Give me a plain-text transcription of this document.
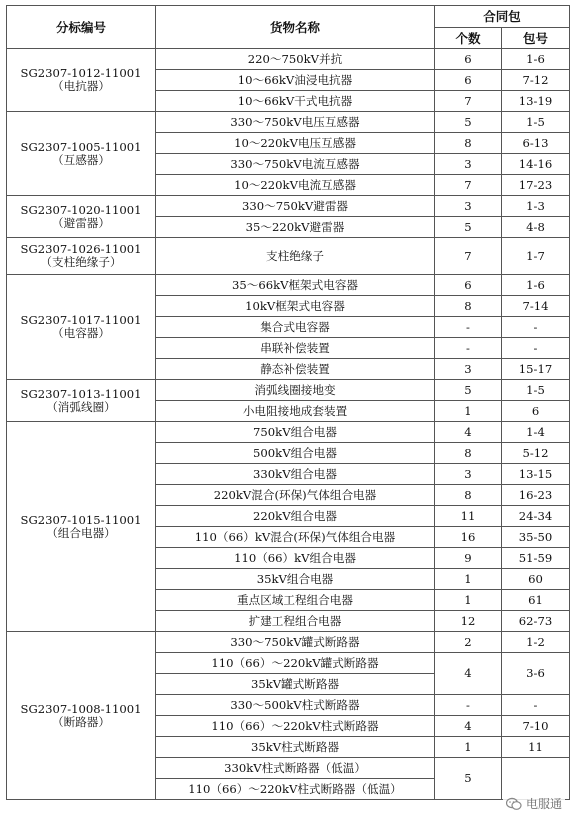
分标编号	货物名称	合同包	
		个数	包号

SG2307-1012-11001
（电抗器）	220～750kV并抗	6	1-6
	10～66kV油浸电抗器	6	7-12
	10～66kV干式电抗器	7	13-19

SG2307-1005-11001
（互感器）	330～750kV电压互感器	5	1-5
	10～220kV电压互感器	8	6-13
	330～750kV电流互感器	3	14-16
	10～220kV电流互感器	7	17-23

SG2307-1020-11001
（避雷器）	330～750kV避雷器	3	1-3
	35～220kV避雷器	5	4-8

SG2307-1026-11001
（支柱绝缘子）	支柱绝缘子	7	1-7

SG2307-1017-11001
（电容器）	35～66kV框架式电容器	6	1-6
	10kV框架式电容器	8	7-14
	集合式电容器	-	-
	串联补偿装置	-	-
	静态补偿装置	3	15-17

SG2307-1013-11001
（消弧线圈）	消弧线圈接地变	5	1-5
	小电阻接地成套装置	1	6

SG2307-1015-11001
（组合电器）	750kV组合电器	4	1-4
	500kV组合电器	8	5-12
	330kV组合电器	3	13-15
	220kV混合(环保)气体组合电器	8	16-23
	220kV组合电器	11	24-34
	110（66）kV混合(环保)气体组合电器	16	35-50
	110（66）kV组合电器	9	51-59
	35kV组合电器	1	60
	重点区域工程组合电器	1	61
	扩建工程组合电器	12	62-73

SG2307-1008-11001
（断路器）	330～750kV罐式断路器	2	1-2
	110（66）～220kV罐式断路器	4	3-6
	35kV罐式断路器		
	330～500kV柱式断路器	-	-
	110（66）～220kV柱式断路器	4	7-10
	35kV柱式断路器	1	11
	330kV柱式断路器（低温）	5	
	110（66）～220kV柱式断路器（低温）		
电服通
